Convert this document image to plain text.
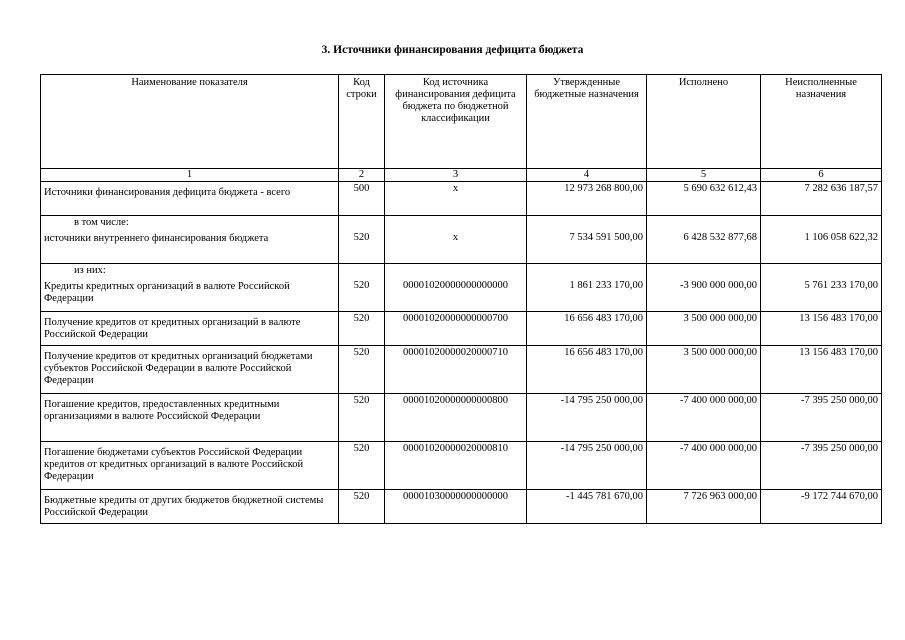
3. Источники финансирования дефицита бюджета
Наименование показателя	Код строки	Код источника финансирования дефицита бюджета по бюджетной классификации	Утвержденные бюджетные назначения	Исполнено	Неисполненные назначения
1	2	3	4	5	6

Источники финансирования дефицита бюджета - всего	500	x	12 973 268 800,00	5 690 632 612,43	7 282 636 187,57

в том числе:
источники внутреннего финансирования бюджета	520	x	7 534 591 500,00	6 428 532 877,68	1 106 058 622,32

из них:
Кредиты кредитных организаций в валюте Российской Федерации	520	00001020000000000000	1 861 233 170,00	-3 900 000 000,00	5 761 233 170,00

Получение кредитов от кредитных организаций в валюте Российской Федерации	520	00001020000000000700	16 656 483 170,00	3 500 000 000,00	13 156 483 170,00

Получение кредитов от кредитных организаций бюджетами субъектов Российской Федерации в валюте Российской Федерации	520	00001020000020000710	16 656 483 170,00	3 500 000 000,00	13 156 483 170,00

Погашение кредитов, предоставленных кредитными организациями в валюте Российской Федерации	520	00001020000000000800	-14 795 250 000,00	-7 400 000 000,00	-7 395 250 000,00

Погашение бюджетами субъектов Российской Федерации кредитов от кредитных организаций в валюте Российской Федерации	520	00001020000020000810	-14 795 250 000,00	-7 400 000 000,00	-7 395 250 000,00

Бюджетные кредиты от других бюджетов бюджетной системы Российской Федерации	520	00001030000000000000	-1 445 781 670,00	7 726 963 000,00	-9 172 744 670,00
